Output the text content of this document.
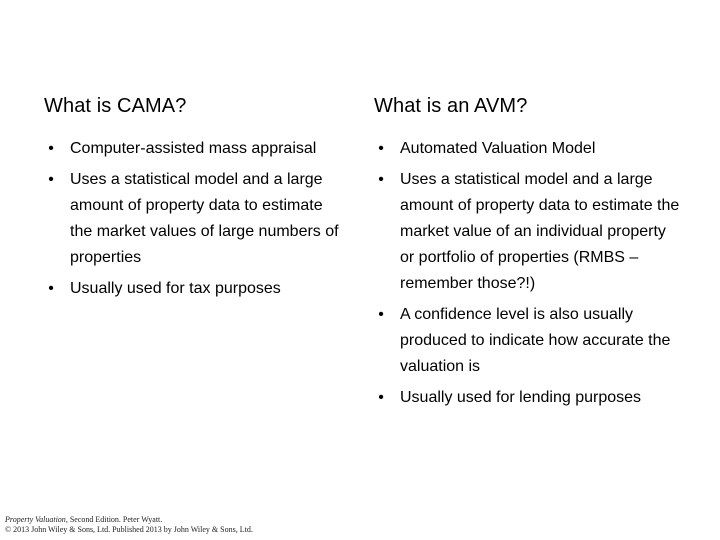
What is CAMA?
• Computer-assisted mass appraisal
• Uses a statistical model and a large amount of property data to estimate the market values of large numbers of properties
• Usually used for tax purposes
What is an AVM?
• Automated Valuation Model
• Uses a statistical model and a large amount of property data to estimate the market value of an individual property or portfolio of properties (RMBS – remember those?!)
• A confidence level is also usually produced to indicate how accurate the valuation is
• Usually used for lending purposes
Property Valuation, Second Edition. Peter Wyatt.
© 2013 John Wiley & Sons, Ltd. Published 2013 by John Wiley & Sons, Ltd.
